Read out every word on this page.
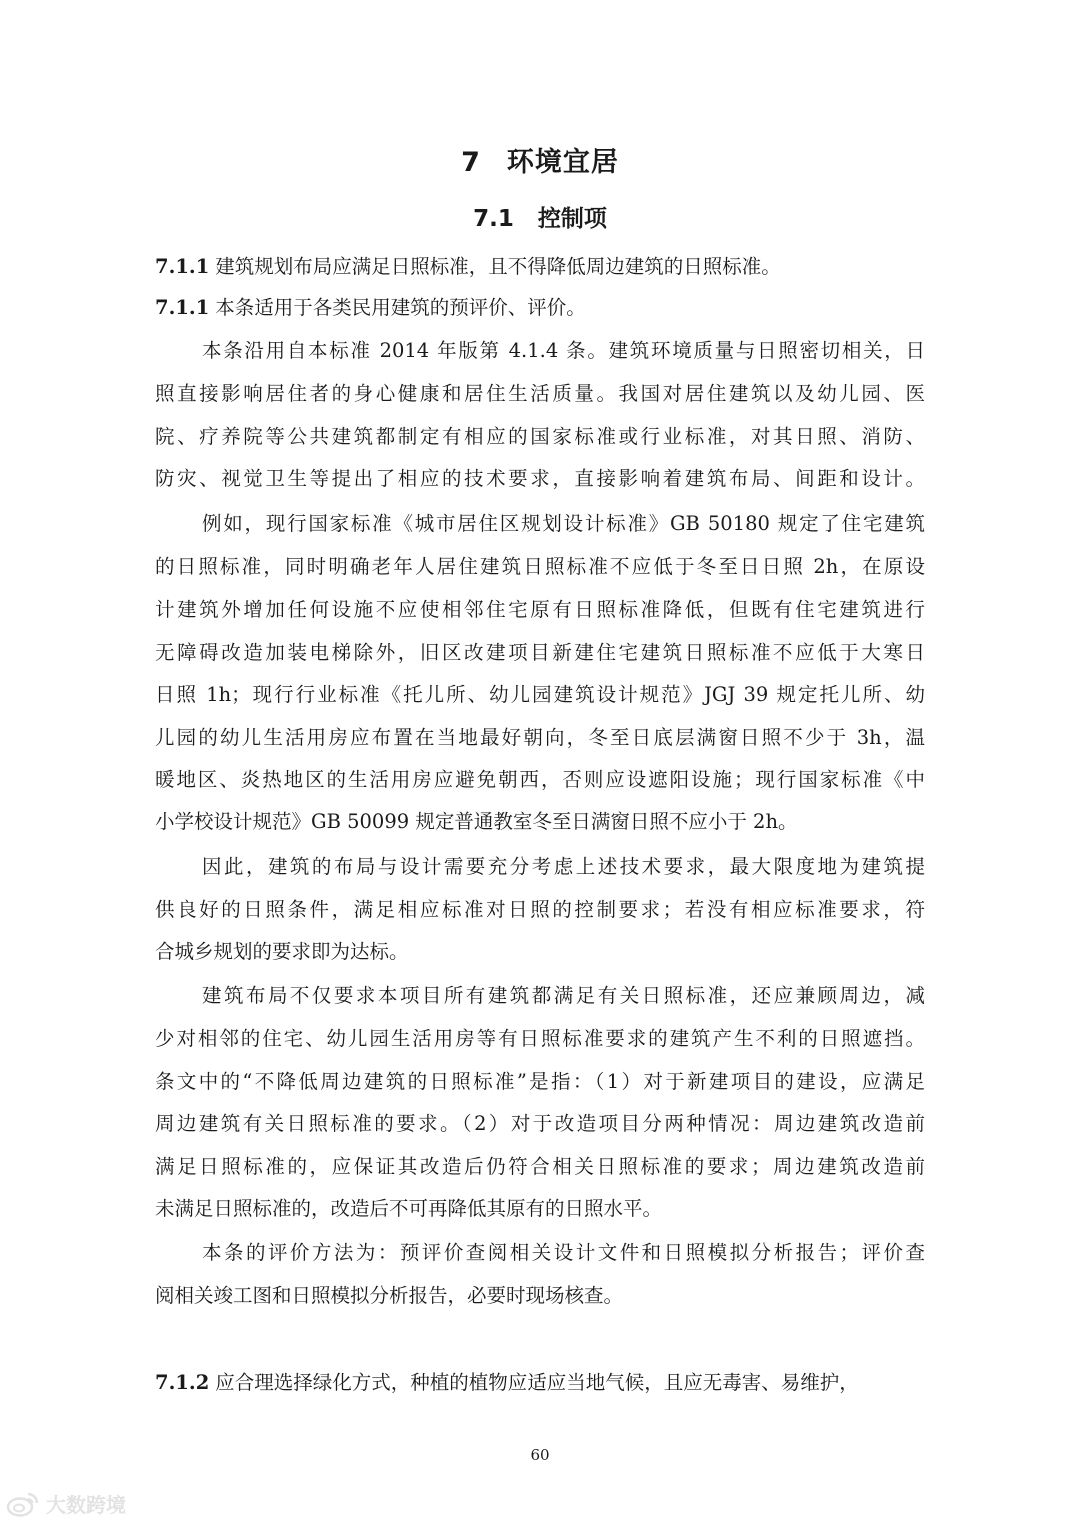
7 环境宜居
7.1 控制项
7.1.1 建筑规划布局应满足日照标准，且不得降低周边建筑的日照标准。
7.1.1 本条适用于各类民用建筑的预评价、评价。
本条沿用自本标准 2014 年版第 4.1.4 条。建筑环境质量与日照密切相关，日
照直接影响居住者的身心健康和居住生活质量。我国对居住建筑以及幼儿园、医
院、疗养院等公共建筑都制定有相应的国家标准或行业标准，对其日照、消防、
防灾、视觉卫生等提出了相应的技术要求，直接影响着建筑布局、间距和设计。
例如，现行国家标准《城市居住区规划设计标准》GB 50180 规定了住宅建筑
的日照标准，同时明确老年人居住建筑日照标准不应低于冬至日日照 2h，在原设
计建筑外增加任何设施不应使相邻住宅原有日照标准降低，但既有住宅建筑进行
无障碍改造加装电梯除外，旧区改建项目新建住宅建筑日照标准不应低于大寒日
日照 1h；现行行业标准《托儿所、幼儿园建筑设计规范》JGJ 39 规定托儿所、幼
儿园的幼儿生活用房应布置在当地最好朝向，冬至日底层满窗日照不少于 3h，温
暖地区、炎热地区的生活用房应避免朝西，否则应设遮阳设施；现行国家标准《中
小学校设计规范》GB 50099 规定普通教室冬至日满窗日照不应小于 2h。
因此，建筑的布局与设计需要充分考虑上述技术要求，最大限度地为建筑提
供良好的日照条件，满足相应标准对日照的控制要求；若没有相应标准要求，符
合城乡规划的要求即为达标。
建筑布局不仅要求本项目所有建筑都满足有关日照标准，还应兼顾周边，减
少对相邻的住宅、幼儿园生活用房等有日照标准要求的建筑产生不利的日照遮挡。
条文中的“不降低周边建筑的日照标准”是指：（1）对于新建项目的建设，应满足
周边建筑有关日照标准的要求。（2）对于改造项目分两种情况：周边建筑改造前
满足日照标准的，应保证其改造后仍符合相关日照标准的要求；周边建筑改造前
未满足日照标准的，改造后不可再降低其原有的日照水平。
本条的评价方法为：预评价查阅相关设计文件和日照模拟分析报告；评价查
阅相关竣工图和日照模拟分析报告，必要时现场核查。
7.1.2 应合理选择绿化方式，种植的植物应适应当地气候，且应无毒害、易维护，
60
大数跨境
